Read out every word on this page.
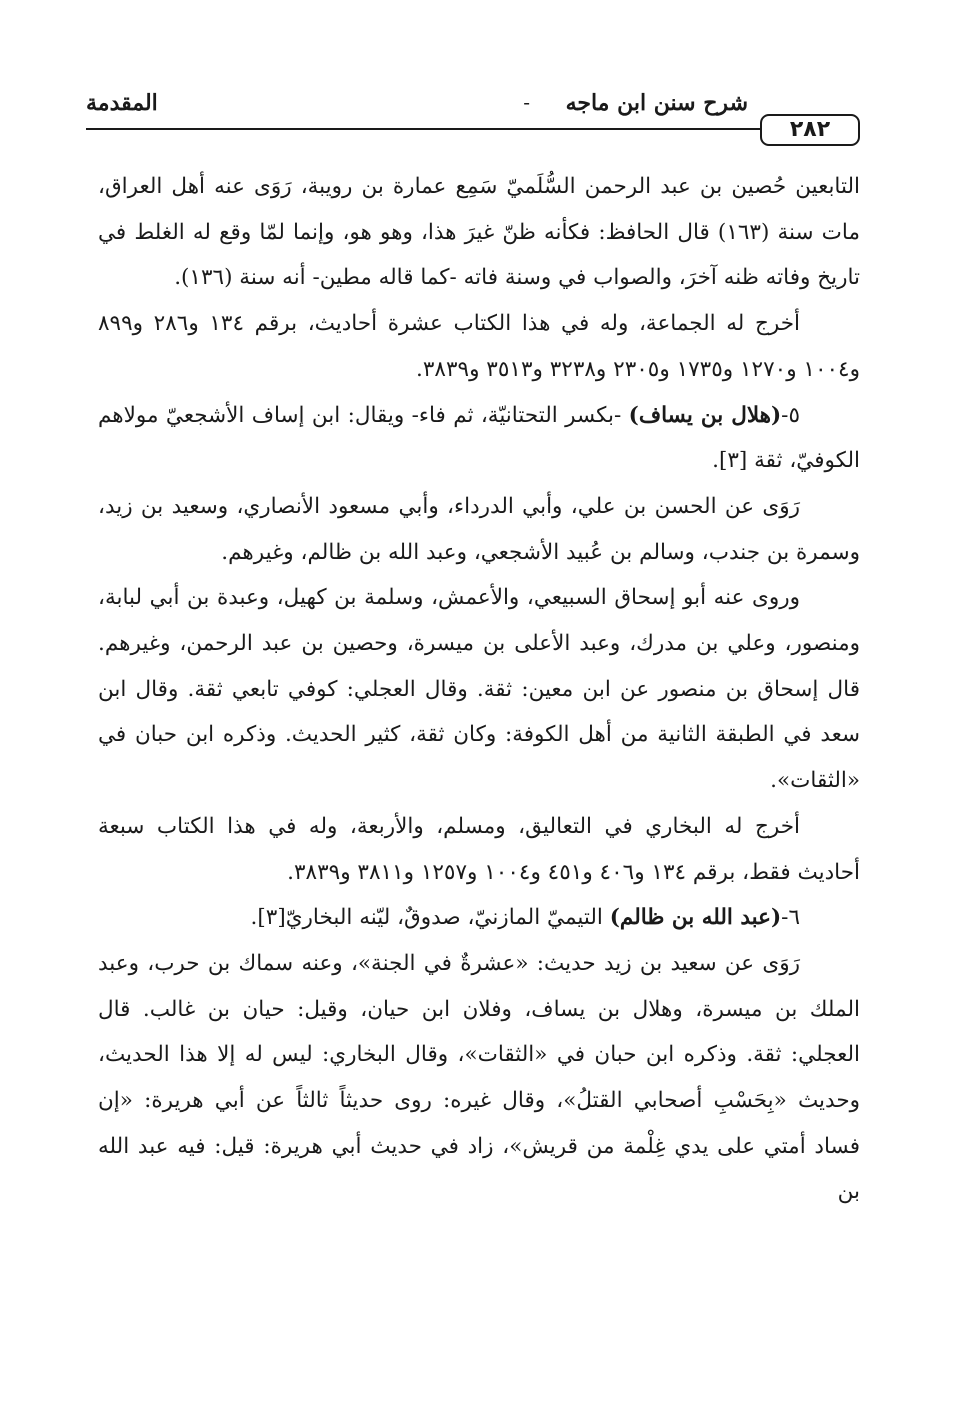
٢٨٢
شرح سنن ابن ماجه
-
المقدمة

التابعين حُصين بن عبد الرحمن السُّلَميّ سَمِع عمارة بن رويبة، رَوَى عنه أهل العراق، مات سنة (١٦٣) قال الحافظ: فكأنه ظنّ غيرَ هذا، وهو هو، وإنما لمّا وقع له الغلط في تاريخ وفاته ظنه آخرَ، والصواب في وسنة فاته -كما قاله مطين- أنه سنة (١٣٦).

أخرج له الجماعة، وله في هذا الكتاب عشرة أحاديث، برقم ١٣٤ و٢٨٦ و٨٩٩ و١٠٠٤ و١٢٧٠ و١٧٣٥ و٢٣٠٥ و٣٢٣٨ و٣٥١٣ و٣٨٣٩.

٥-(هلال بن يساف) -بكسر التحتانيّة، ثم فاء- ويقال: ابن إساف الأشجعيّ مولاهم الكوفيّ، ثقة [٣].

رَوَى عن الحسن بن علي، وأبي الدرداء، وأبي مسعود الأنصاري، وسعيد بن زيد، وسمرة بن جندب، وسالم بن عُبيد الأشجعي، وعبد الله بن ظالم، وغيرهم.

وروى عنه أبو إسحاق السبيعي، والأعمش، وسلمة بن كهيل، وعبدة بن أبي لبابة، ومنصور، وعلي بن مدرك، وعبد الأعلى بن ميسرة، وحصين بن عبد الرحمن، وغيرهم. قال إسحاق بن منصور عن ابن معين: ثقة. وقال العجلي: كوفي تابعي ثقة. وقال ابن سعد في الطبقة الثانية من أهل الكوفة: وكان ثقة، كثير الحديث. وذكره ابن حبان في «الثقات».

أخرج له البخاري في التعاليق، ومسلم، والأربعة، وله في هذا الكتاب سبعة أحاديث فقط، برقم ١٣٤ و٤٠٦ و٤٥١ و١٠٠٤ و١٢٥٧ و٣٨١١ و٣٨٣٩.

٦-(عبد الله بن ظالم) التيميّ المازنيّ، صدوقٌ، ليّنه البخاريّ[٣].

رَوَى عن سعيد بن زيد حديث: «عشرةٌ في الجنة»، وعنه سماك بن حرب، وعبد الملك بن ميسرة، وهلال بن يساف، وفلان ابن حيان، وقيل: حيان بن غالب. قال العجلي: ثقة. وذكره ابن حبان في «الثقات»، وقال البخاري: ليس له إلا هذا الحديث، وحديث «بِحَسْبِ أصحابي القتلُ»، وقال غيره: روى حديثاً ثالثاً عن أبي هريرة: «إن فساد أمتي على يدي غِلْمة من قريش»، زاد في حديث أبي هريرة: قيل: فيه عبد الله بن
